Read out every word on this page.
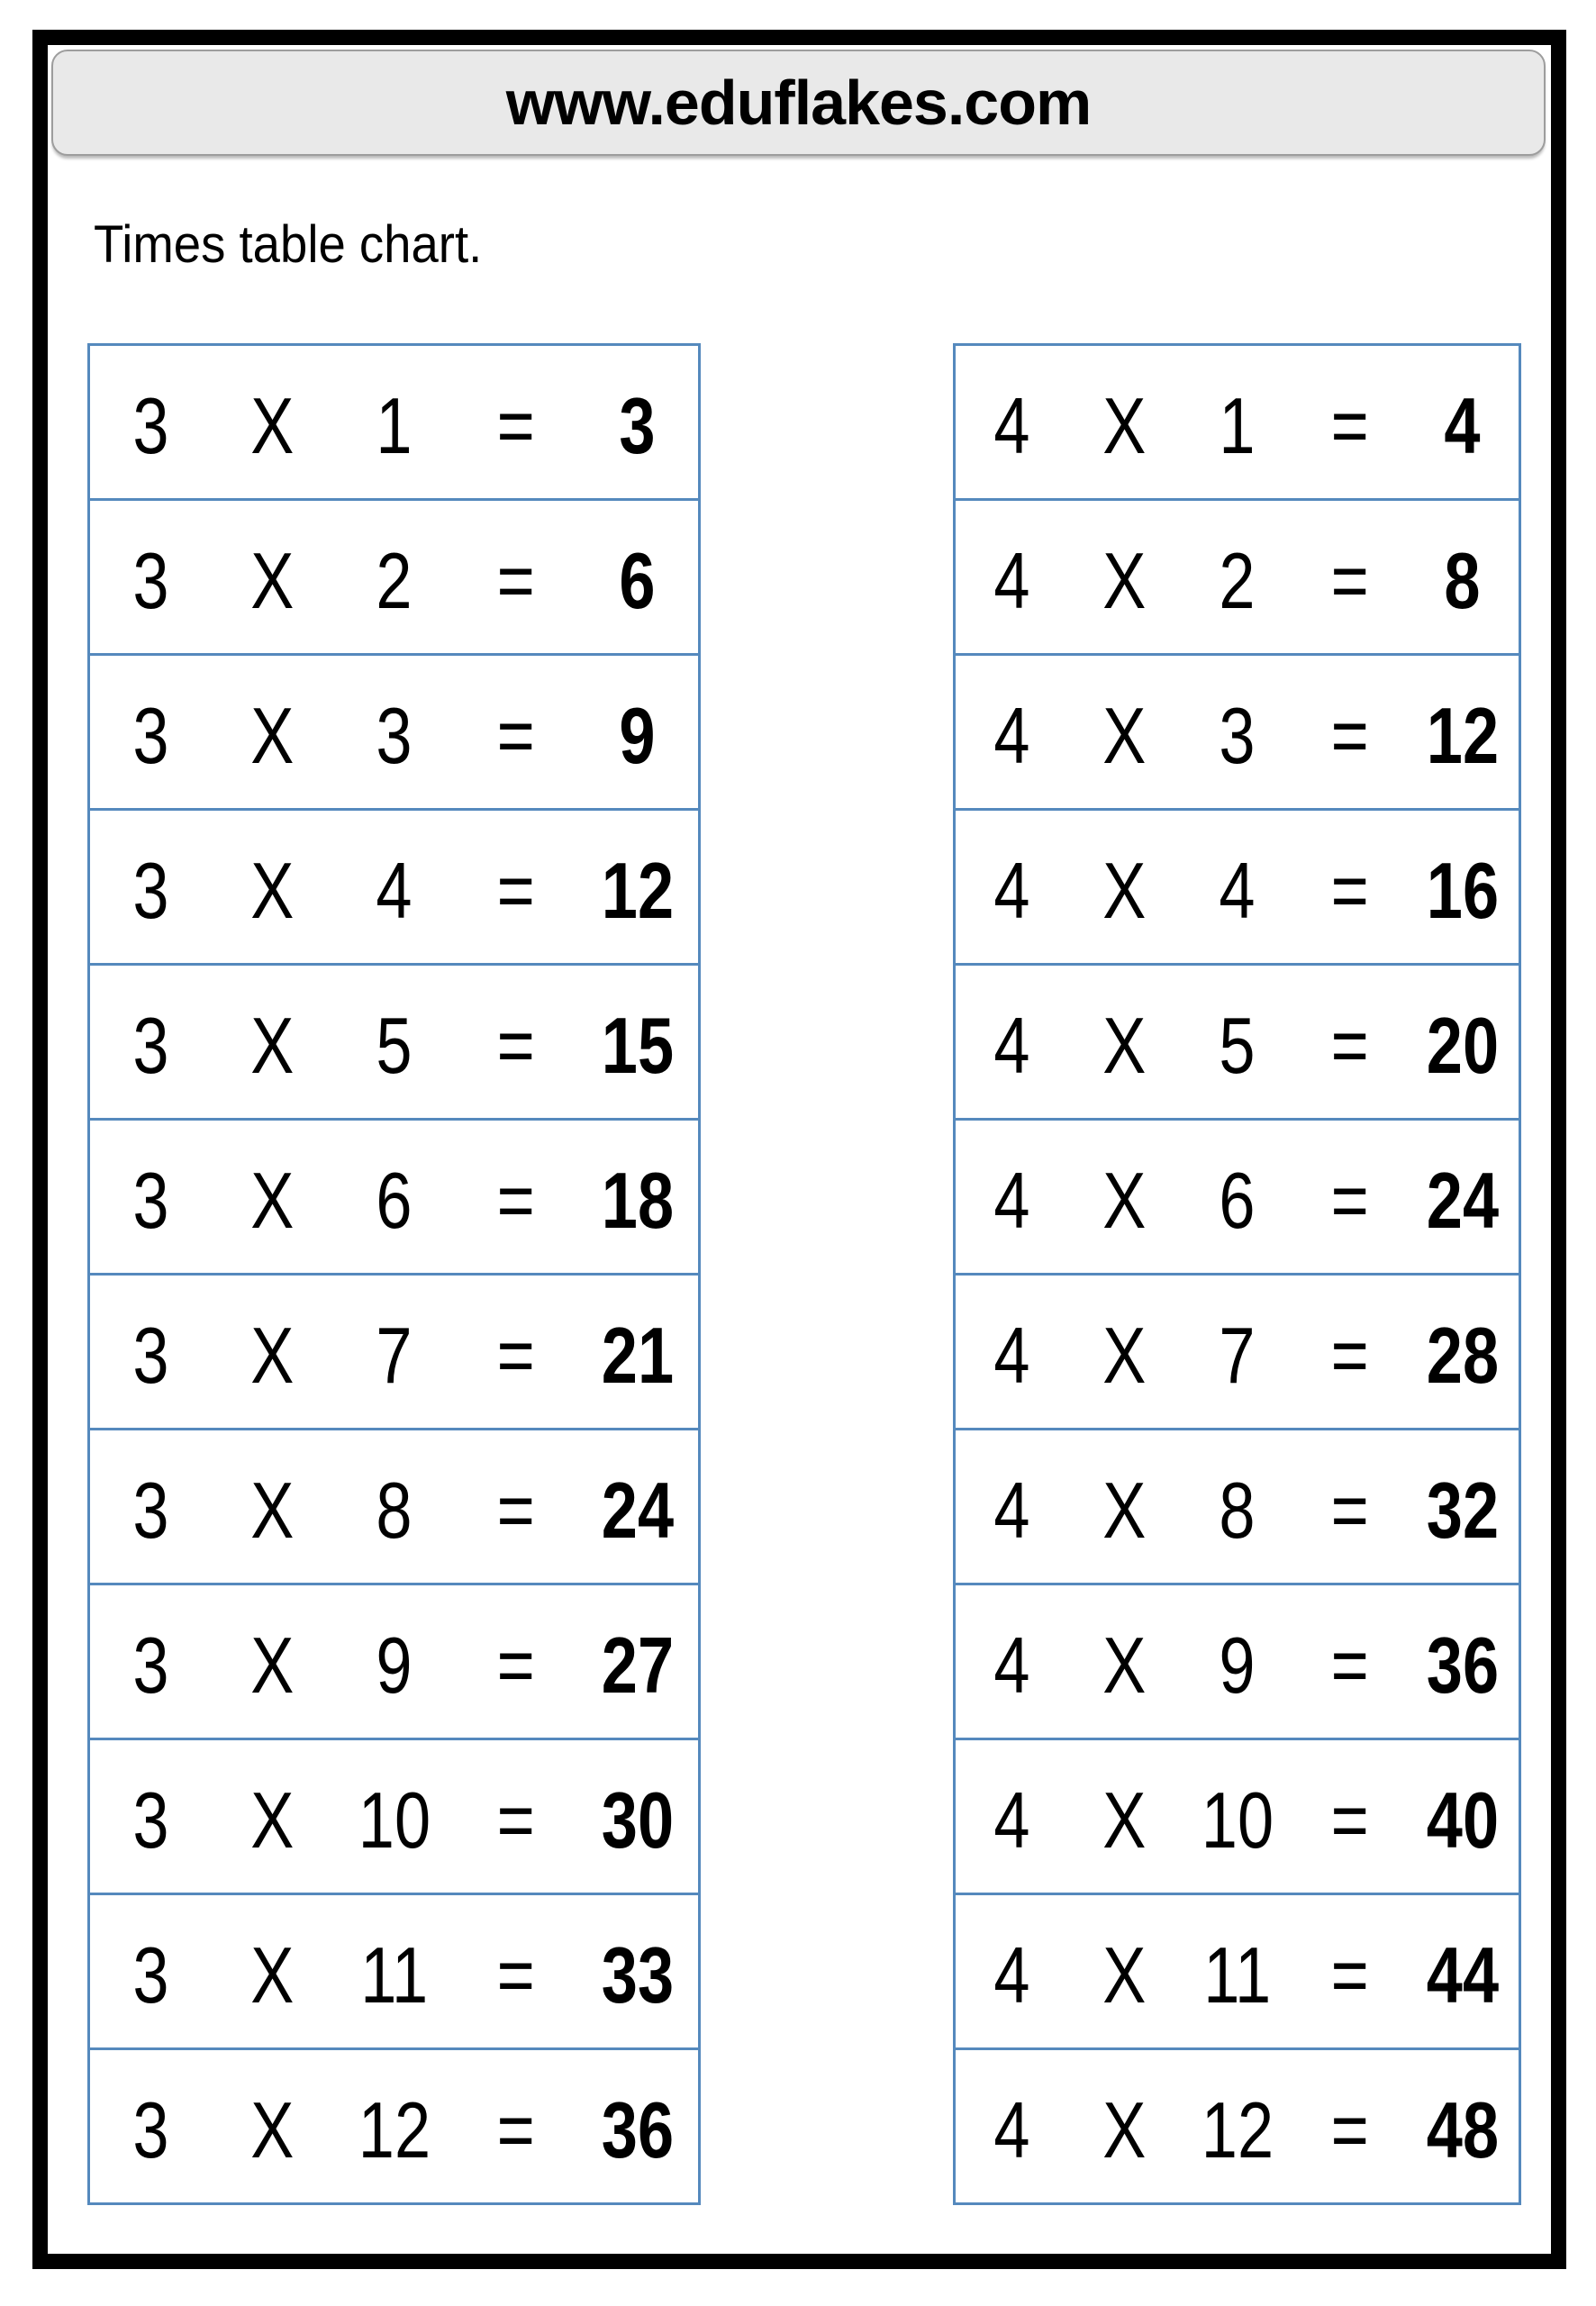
www.eduflakes.com
Times table chart.
3 X 1 = 3
3 X 2 = 6
3 X 3 = 9
3 X 4 = 12
3 X 5 = 15
3 X 6 = 18
3 X 7 = 21
3 X 8 = 24
3 X 9 = 27
3 X 10 = 30
3 X 11 = 33
3 X 12 = 36
4 X 1 = 4
4 X 2 = 8
4 X 3 = 12
4 X 4 = 16
4 X 5 = 20
4 X 6 = 24
4 X 7 = 28
4 X 8 = 32
4 X 9 = 36
4 X 10 = 40
4 X 11 = 44
4 X 12 = 48
